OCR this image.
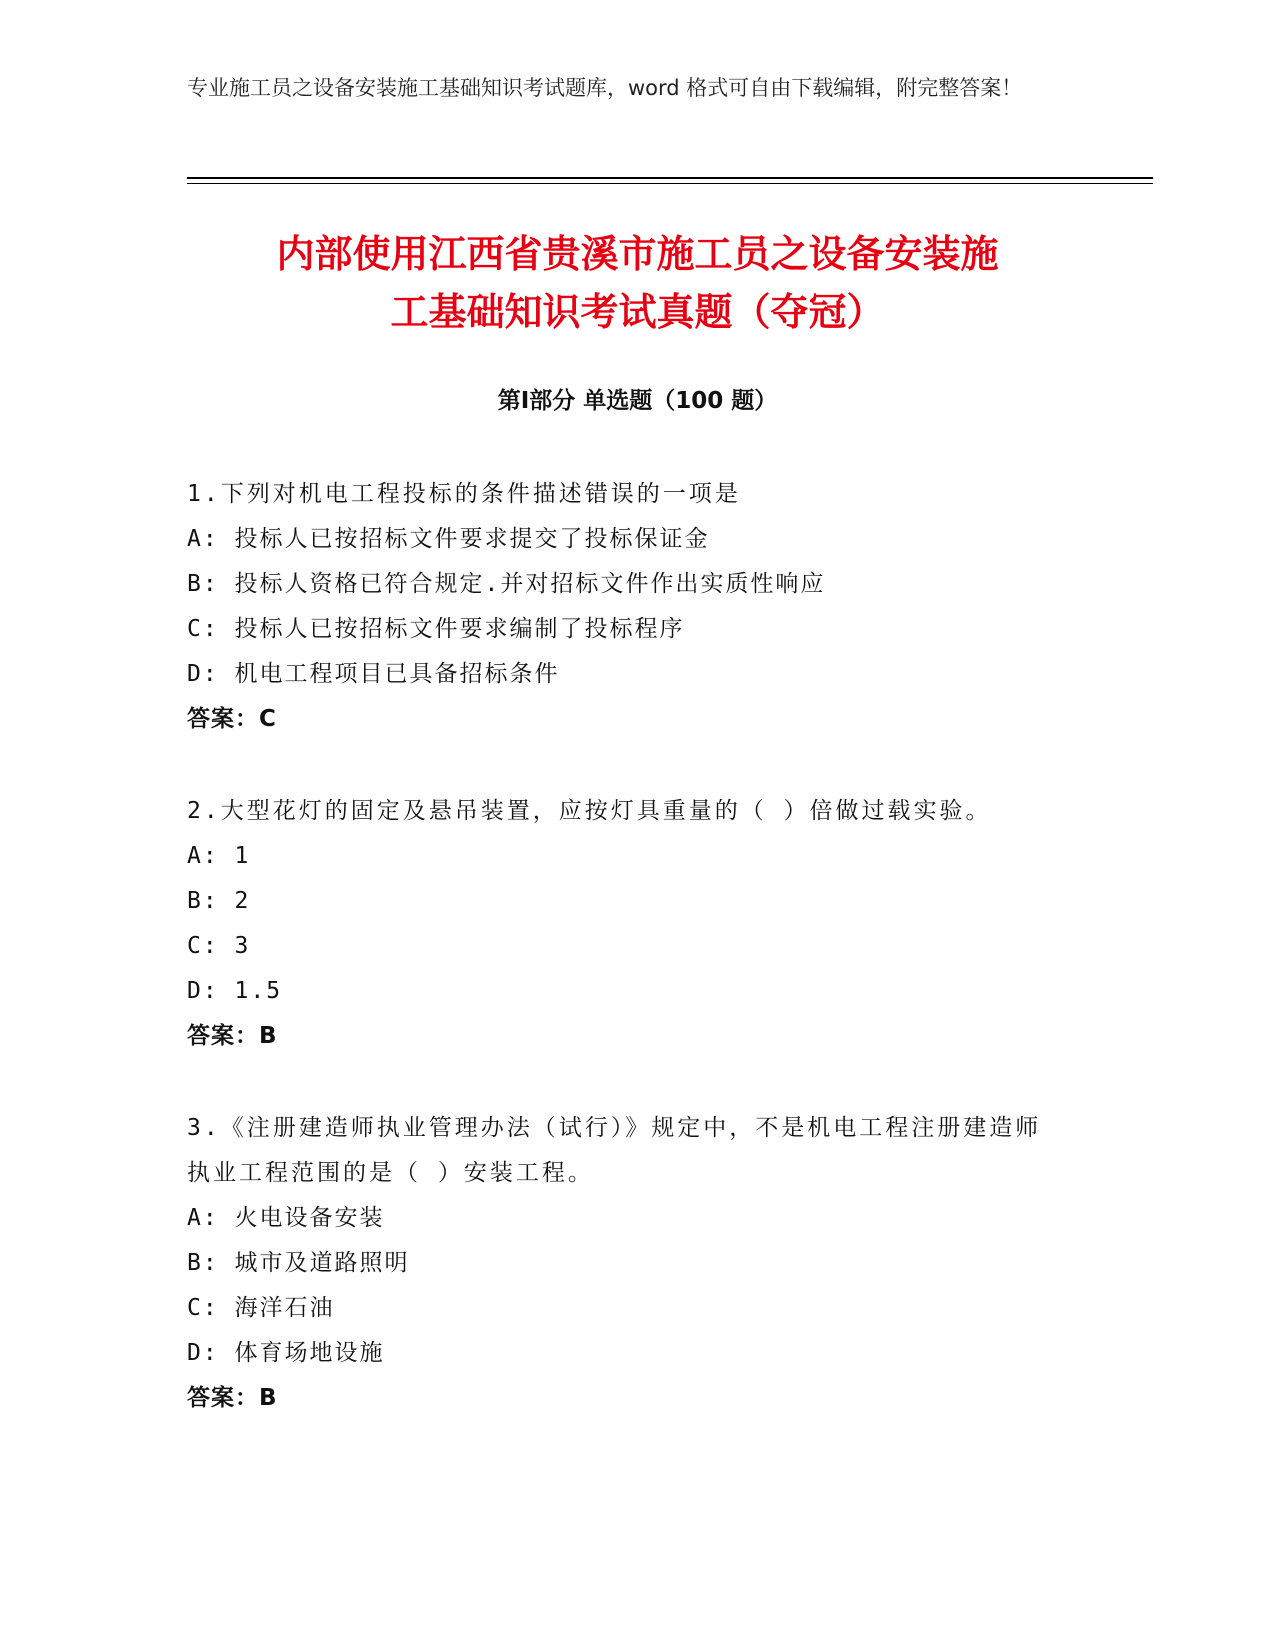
专业施工员之设备安装施工基础知识考试题库，word 格式可自由下载编辑，附完整答案！
内部使用江西省贵溪市施工员之设备安装施
工基础知识考试真题（夺冠）
第Ⅰ部分 单选题（100 题）
1.下列对机电工程投标的条件描述错误的一项是
A: 投标人已按招标文件要求提交了投标保证金
B: 投标人资格已符合规定.并对招标文件作出实质性响应
C: 投标人已按招标文件要求编制了投标程序
D: 机电工程项目已具备招标条件
答案：C
2.大型花灯的固定及悬吊装置，应按灯具重量的（ ）倍做过载实验。
A: 1
B: 2
C: 3
D: 1.5
答案：B
3.《注册建造师执业管理办法（试行）》规定中，不是机电工程注册建造师执业工程范围的是（ ）安装工程。
A: 火电设备安装
B: 城市及道路照明
C: 海洋石油
D: 体育场地设施
答案：B
